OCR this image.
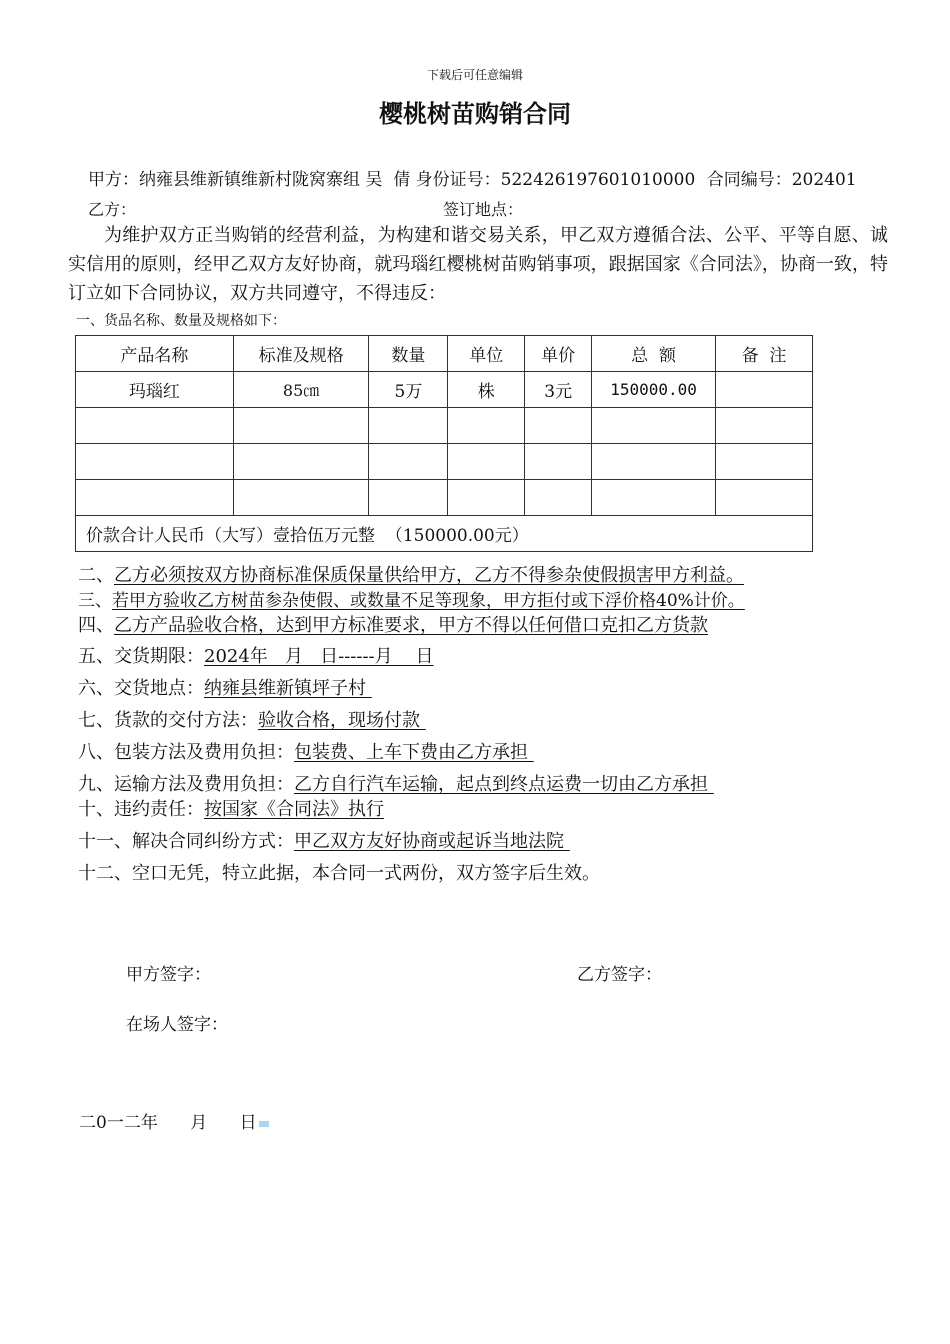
下载后可任意编辑
樱桃树苗购销合同
甲方：纳雍县维新镇维新村陇窝寨组 吴  倩 身份证号：522426197601010000 合同编号：202401
乙方：	签订地点：
为维护双方正当购销的经营利益，为构建和谐交易关系，甲乙双方遵循合法、公平、平等自愿、诚实信用的原则，经甲乙双方友好协商，就玛瑙红樱桃树苗购销事项，跟据国家《合同法》，协商一致，特订立如下合同协议，双方共同遵守，不得违反：
一、货品名称、数量及规格如下：
产品名称	标准及规格	数量	单位	单价	总  额	备  注
玛瑙红	85㎝	5万	株	3元	150000.00	

价款合计人民币（大写）壹拾伍万元整  （150000.00元）						
二、乙方必须按双方协商标准保质保量供给甲方，乙方不得参杂使假损害甲方利益。
三、若甲方验收乙方树苗参杂使假、或数量不足等现象，甲方拒付或下浮价格40%计价。
四、乙方产品验收合格，达到甲方标准要求，甲方不得以任何借口克扣乙方货款
五、交货期限：2024年   月   日------月    日
六、交货地点：纳雍县维新镇坪子村
七、货款的交付方法：验收合格，现场付款
八、包装方法及费用负担：包装费、上车下费由乙方承担
九、运输方法及费用负担：乙方自行汽车运输，起点到终点运费一切由乙方承担
十、违约责任：按国家《合同法》执行
十一、解决合同纠纷方式：甲乙双方友好协商或起诉当地法院
十二、空口无凭，特立此据，本合同一式两份，双方签字后生效。
甲方签字：	乙方签字：
在场人签字：
二0一二年      月      日
